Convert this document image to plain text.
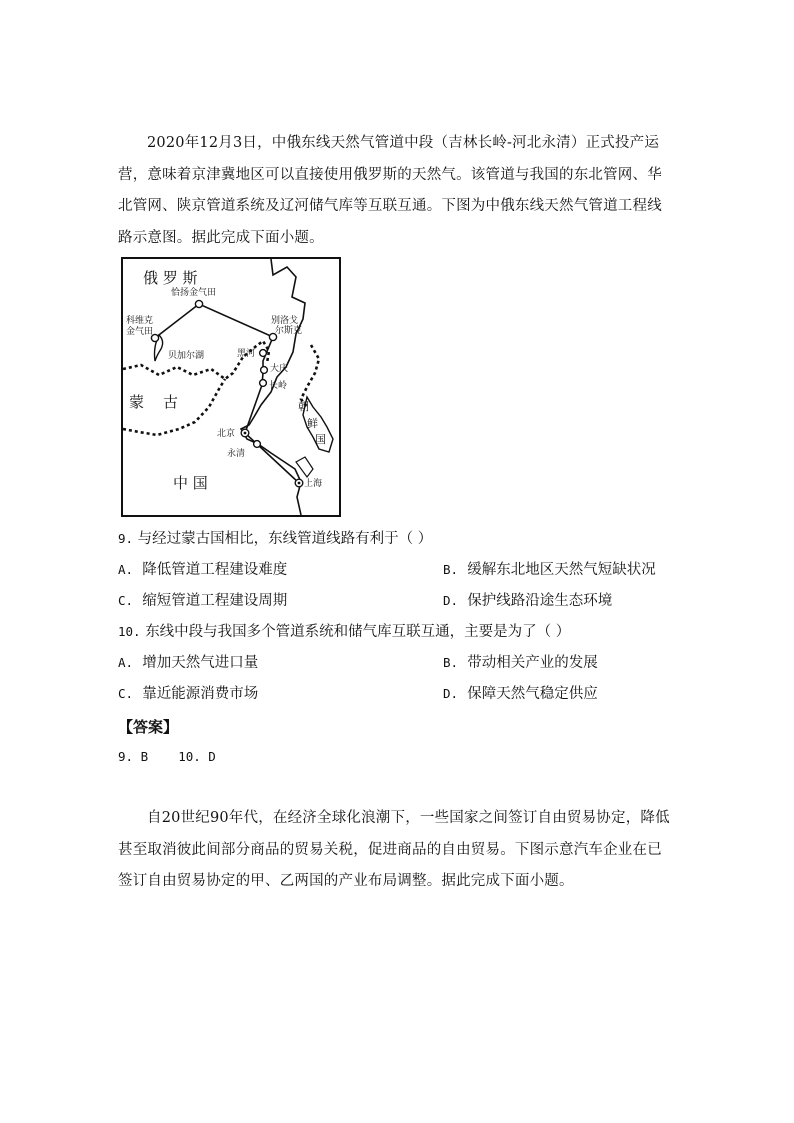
2020年12月3日，中俄东线天然气管道中段（吉林长岭-河北永清）正式投产运营，意味着京津冀地区可以直接使用俄罗斯的天然气。该管道与我国的东北管网、华北管网、陕京管道系统及辽河储气库等互联互通。下图为中俄东线天然气管道工程线路示意图。据此完成下面小题。

俄 罗 斯
恰扬金气田
科维克
金气田
贝加尔湖
别洛戈
尔斯克
黑河
大庆
长岭
蒙 古	朝
鲜
国
北京
永清
中 国	上海
9. 与经过蒙古国相比，东线管道线路有利于（ ）
A. 降低管道工程建设难度	B. 缓解东北地区天然气短缺状况
C. 缩短管道工程建设周期	D. 保护线路沿途生态环境
10. 东线中段与我国多个管道系统和储气库互联互通，主要是为了（ ）
A. 增加天然气进口量	B. 带动相关产业的发展
C. 靠近能源消费市场	D. 保障天然气稳定供应
【答案】
9. B    10. D

自20世纪90年代，在经济全球化浪潮下，一些国家之间签订自由贸易协定，降低甚至取消彼此间部分商品的贸易关税，促进商品的自由贸易。下图示意汽车企业在已签订自由贸易协定的甲、乙两国的产业布局调整。据此完成下面小题。
